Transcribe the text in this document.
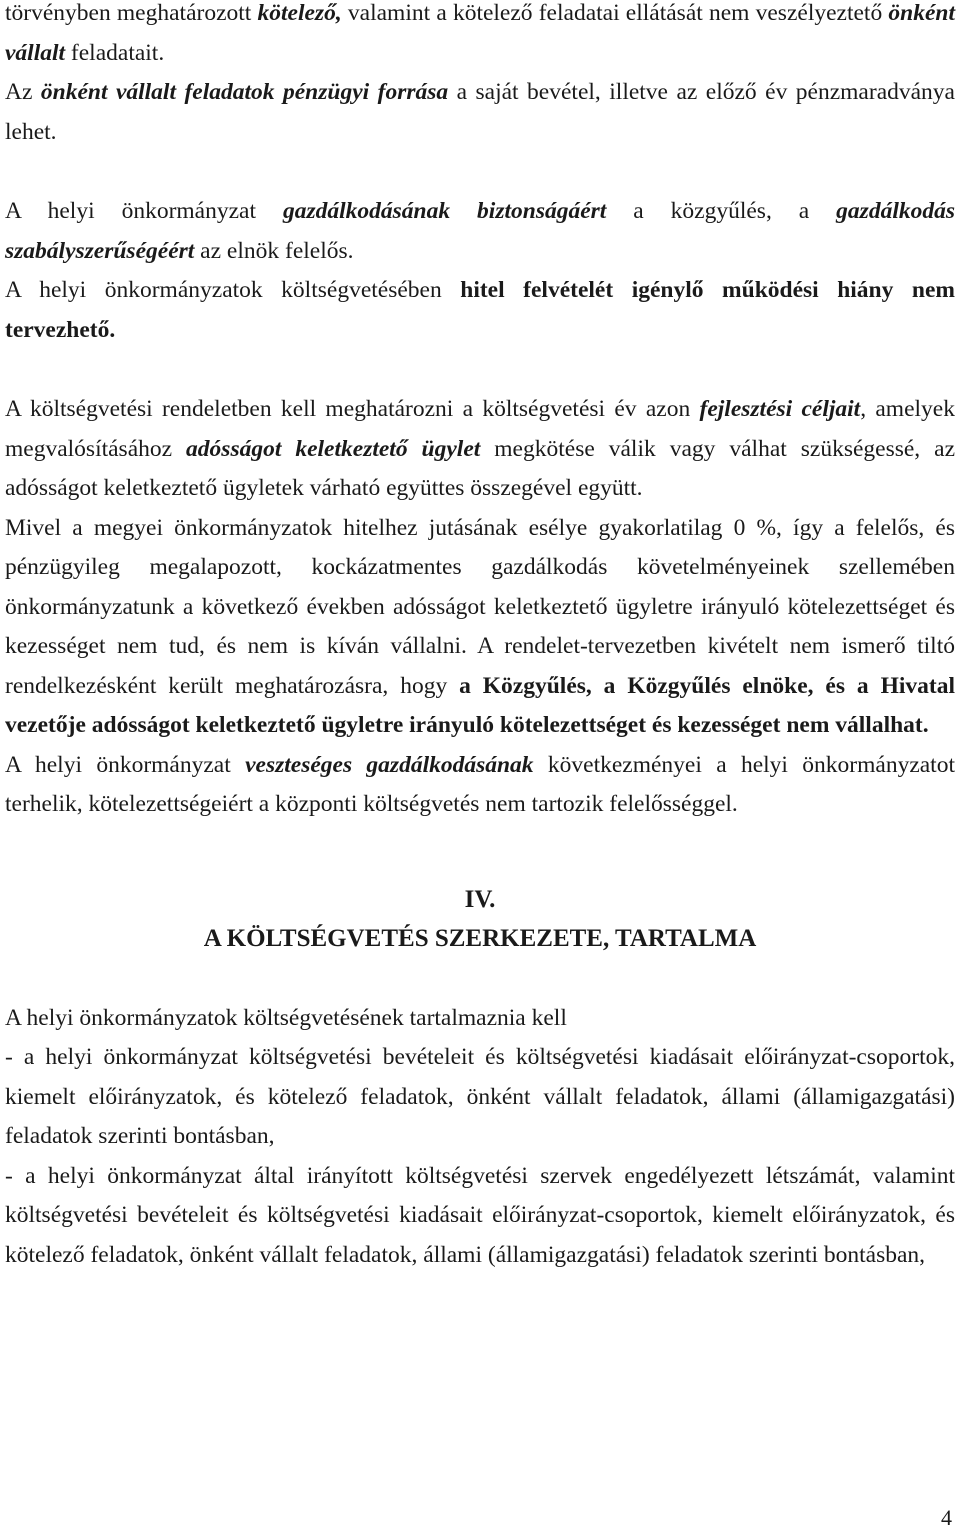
törvényben meghatározott kötelező, valamint a kötelező feladatai ellátását nem veszélyeztető önként vállalt feladatait.

Az önként vállalt feladatok pénzügyi forrása a saját bevétel, illetve az előző év pénzmaradványa lehet.

A helyi önkormányzat gazdálkodásának biztonságáért a közgyűlés, a gazdálkodás szabályszerűségéért az elnök felelős.

A helyi önkormányzatok költségvetésében hitel felvételét igénylő működési hiány nem tervezhető.

A költségvetési rendeletben kell meghatározni a költségvetési év azon fejlesztési céljait, amelyek megvalósításához adósságot keletkeztető ügylet megkötése válik vagy válhat szükségessé, az adósságot keletkeztető ügyletek várható együttes összegével együtt.

Mivel a megyei önkormányzatok hitelhez jutásának esélye gyakorlatilag 0 %, így a felelős, és pénzügyileg megalapozott, kockázatmentes gazdálkodás követelményeinek szellemében önkormányzatunk a következő években adósságot keletkeztető ügyletre irányuló kötelezettséget és kezességet nem tud, és nem is kíván vállalni. A rendelet-tervezetben kivételt nem ismerő tiltó rendelkezésként került meghatározásra, hogy a Közgyűlés, a Közgyűlés elnöke, és a Hivatal vezetője adósságot keletkeztető ügyletre irányuló kötelezettséget és kezességet nem vállalhat.

A helyi önkormányzat veszteséges gazdálkodásának következményei a helyi önkormányzatot terhelik, kötelezettségeiért a központi költségvetés nem tartozik felelősséggel.

IV.

A KÖLTSÉGVETÉS SZERKEZETE, TARTALMA

A helyi önkormányzatok költségvetésének tartalmaznia kell

- a helyi önkormányzat költségvetési bevételeit és költségvetési kiadásait előirányzat-csoportok, kiemelt előirányzatok, és kötelező feladatok, önként vállalt feladatok, állami (államigazgatási) feladatok szerinti bontásban,

- a helyi önkormányzat által irányított költségvetési szervek engedélyezett létszámát, valamint költségvetési bevételeit és költségvetési kiadásait előirányzat-csoportok, kiemelt előirányzatok, és kötelező feladatok, önként vállalt feladatok, állami (államigazgatási) feladatok szerinti bontásban,

4
